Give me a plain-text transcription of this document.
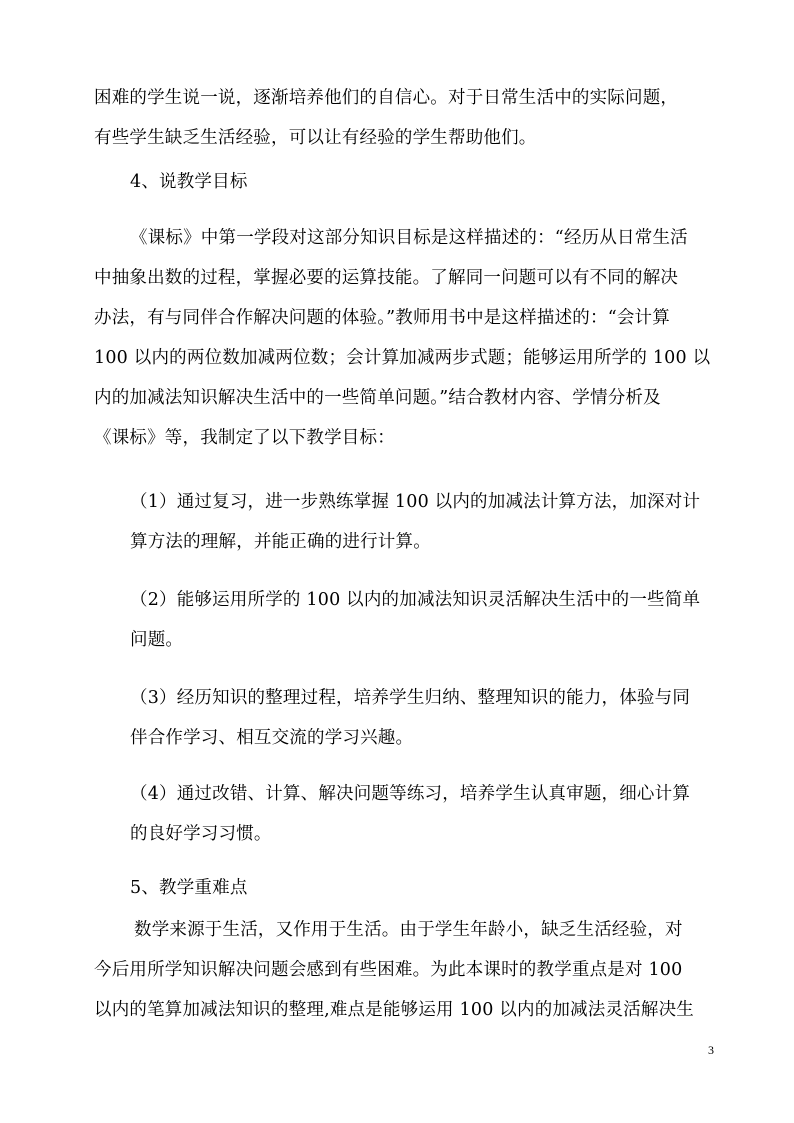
困难的学生说一说，逐渐培养他们的自信心。对于日常生活中的实际问题，

有些学生缺乏生活经验，可以让有经验的学生帮助他们。

4、说教学目标

《课标》中第一学段对这部分知识目标是这样描述的：“经历从日常生活

中抽象出数的过程，掌握必要的运算技能。了解同一问题可以有不同的解决

办法，有与同伴合作解决问题的体验。”教师用书中是这样描述的：“会计算

100 以内的两位数加减两位数；会计算加减两步式题；能够运用所学的 100 以

内的加减法知识解决生活中的一些简单问题。”结合教材内容、学情分析及

《课标》等，我制定了以下教学目标：

（1）通过复习，进一步熟练掌握 100 以内的加减法计算方法，加深对计

算方法的理解，并能正确的进行计算。

（2）能够运用所学的 100 以内的加减法知识灵活解决生活中的一些简单

问题。

（3）经历知识的整理过程，培养学生归纳、整理知识的能力，体验与同

伴合作学习、相互交流的学习兴趣。

（4）通过改错、计算、解决问题等练习，培养学生认真审题，细心计算

的良好学习习惯。

5、教学重难点

数学来源于生活，又作用于生活。由于学生年龄小，缺乏生活经验，对

今后用所学知识解决问题会感到有些困难。为此本课时的教学重点是对 100

以内的笔算加减法知识的整理,难点是能够运用 100 以内的加减法灵活解决生

3
